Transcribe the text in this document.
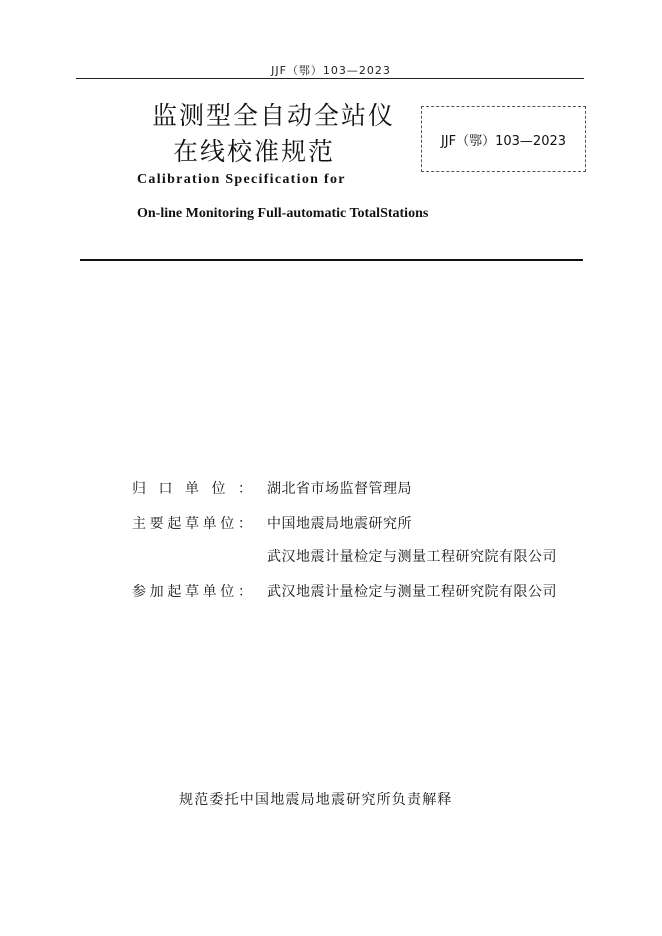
JJF（鄂）103—2023
监测型全自动全站仪
在线校准规范	JJF（鄂）103—2023
Calibration Specification for
On-line Monitoring Full-automatic TotalStations
归 口 单 位 ： 湖北省市场监督管理局
主 要 起 草 单 位 ： 中国地震局地震研究所
武汉地震计量检定与测量工程研究院有限公司
参 加 起 草 单 位 ： 武汉地震计量检定与测量工程研究院有限公司
规范委托中国地震局地震研究所负责解释
